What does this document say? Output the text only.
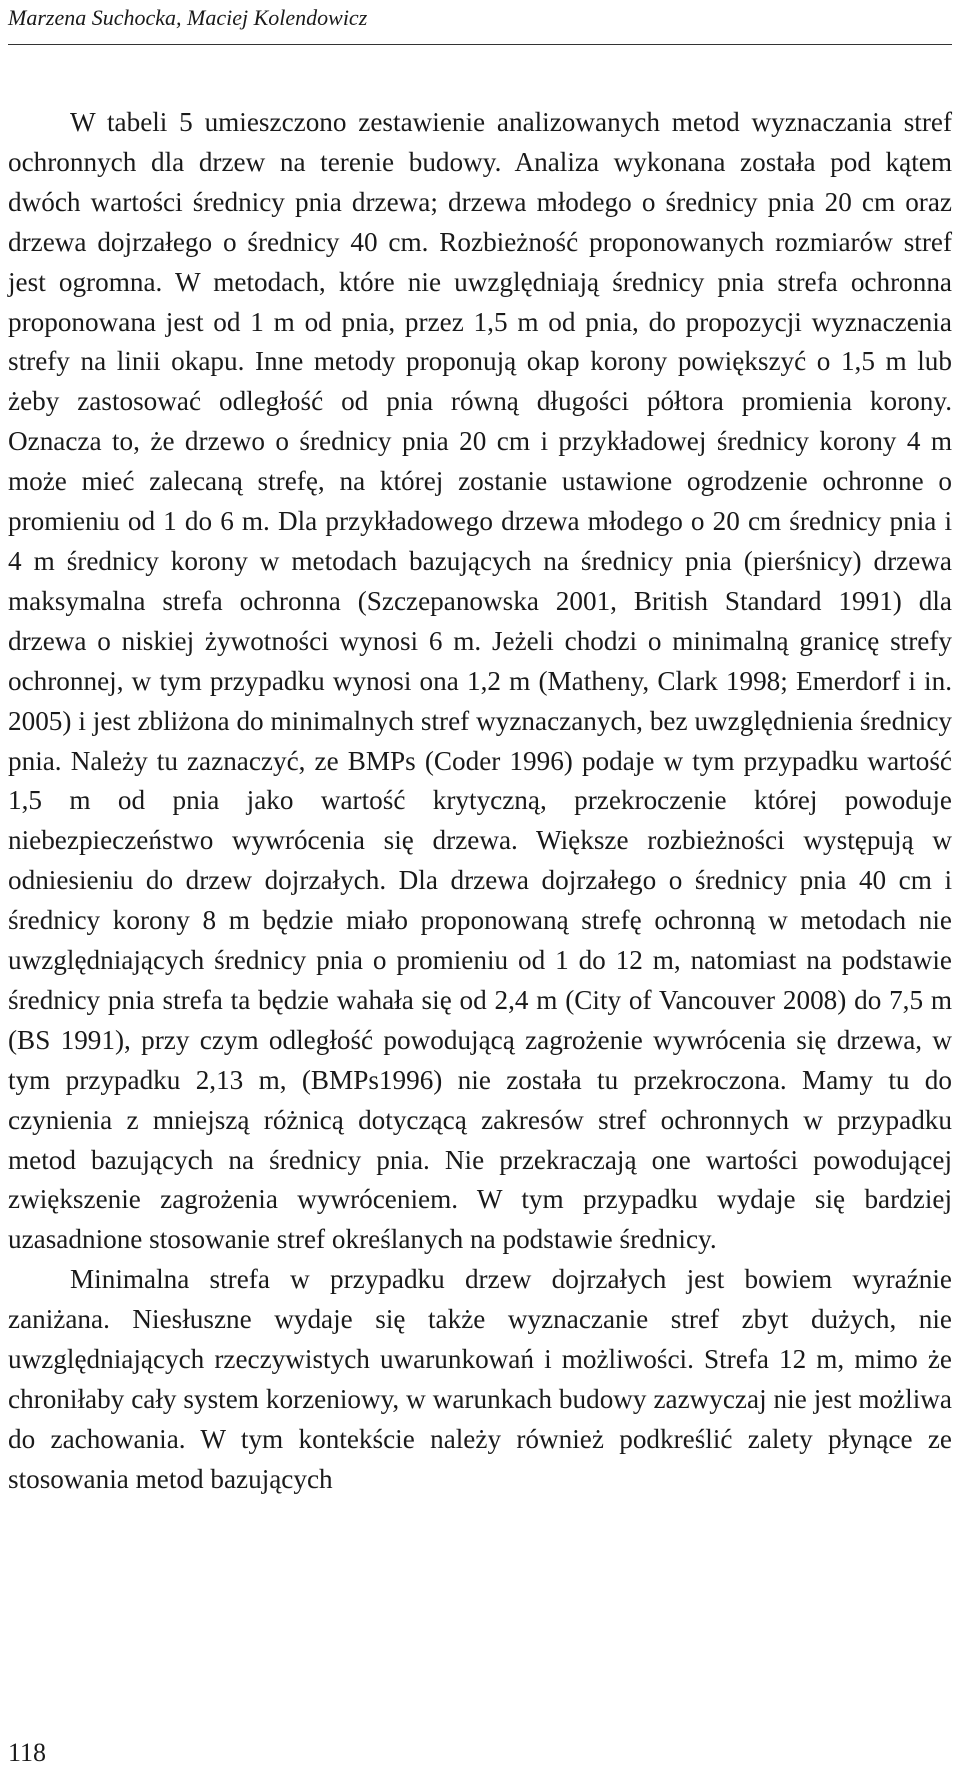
Marzena Suchocka, Maciej Kolendowicz

W tabeli 5 umieszczono zestawienie analizowanych metod wyznaczania stref ochronnych dla drzew na terenie budowy. Analiza wykonana została pod kątem dwóch wartości średnicy pnia drzewa; drzewa młodego o średnicy pnia 20 cm oraz drzewa dojrzałego o średnicy 40 cm. Rozbieżność proponowanych rozmiarów stref jest ogromna. W metodach, które nie uwzględniają średnicy pnia strefa ochronna proponowana jest od 1 m od pnia, przez 1,5 m od pnia, do propozycji wyznaczenia strefy na linii okapu. Inne metody proponują okap korony powiększyć o 1,5 m lub żeby zastosować odległość od pnia równą długości półtora promienia korony. Oznacza to, że drzewo o średnicy pnia 20 cm i przykładowej średnicy korony 4 m może mieć zalecaną strefę, na której zostanie ustawione ogrodzenie ochronne o promieniu od 1 do 6 m. Dla przykładowego drzewa młodego o 20 cm średnicy pnia i 4 m średnicy korony w metodach bazujących na średnicy pnia (pierśnicy) drzewa maksymalna strefa ochronna (Szczepanowska 2001, British Standard 1991) dla drzewa o niskiej żywotności wynosi 6 m. Jeżeli chodzi o minimalną granicę strefy ochronnej, w tym przypadku wynosi ona 1,2 m (Matheny, Clark 1998; Emerdorf i in. 2005) i jest zbliżona do minimalnych stref wyznaczanych, bez uwzględnienia średnicy pnia. Należy tu zaznaczyć, ze BMPs (Coder 1996) podaje w tym przypadku wartość 1,5 m od pnia jako wartość krytyczną, przekroczenie której powoduje niebezpieczeństwo wywrócenia się drzewa. Większe rozbieżności występują w odniesieniu do drzew dojrzałych. Dla drzewa dojrzałego o średnicy pnia 40 cm i średnicy korony 8 m będzie miało proponowaną strefę ochronną w metodach nie uwzględniających średnicy pnia o promieniu od 1 do 12 m, natomiast na podstawie średnicy pnia strefa ta będzie wahała się od 2,4 m (City of Vancouver 2008) do 7,5 m (BS 1991), przy czym odległość powodującą zagrożenie wywrócenia się drzewa, w tym przypadku 2,13 m, (BMPs1996) nie została tu przekroczona. Mamy tu do czynienia z mniejszą różnicą dotyczącą zakresów stref ochronnych w przypadku metod bazujących na średnicy pnia. Nie przekraczają one wartości powodującej zwiększenie zagrożenia wywróceniem. W tym przypadku wydaje się bardziej uzasadnione stosowanie stref określanych na podstawie średnicy.

Minimalna strefa w przypadku drzew dojrzałych jest bowiem wyraźnie zaniżana. Niesłuszne wydaje się także wyznaczanie stref zbyt dużych, nie uwzględniających rzeczywistych uwarunkowań i możliwości. Strefa 12 m, mimo że chroniłaby cały system korzeniowy, w warunkach budowy zazwyczaj nie jest możliwa do zachowania. W tym kontekście należy również podkreślić zalety płynące ze stosowania metod bazujących

118
